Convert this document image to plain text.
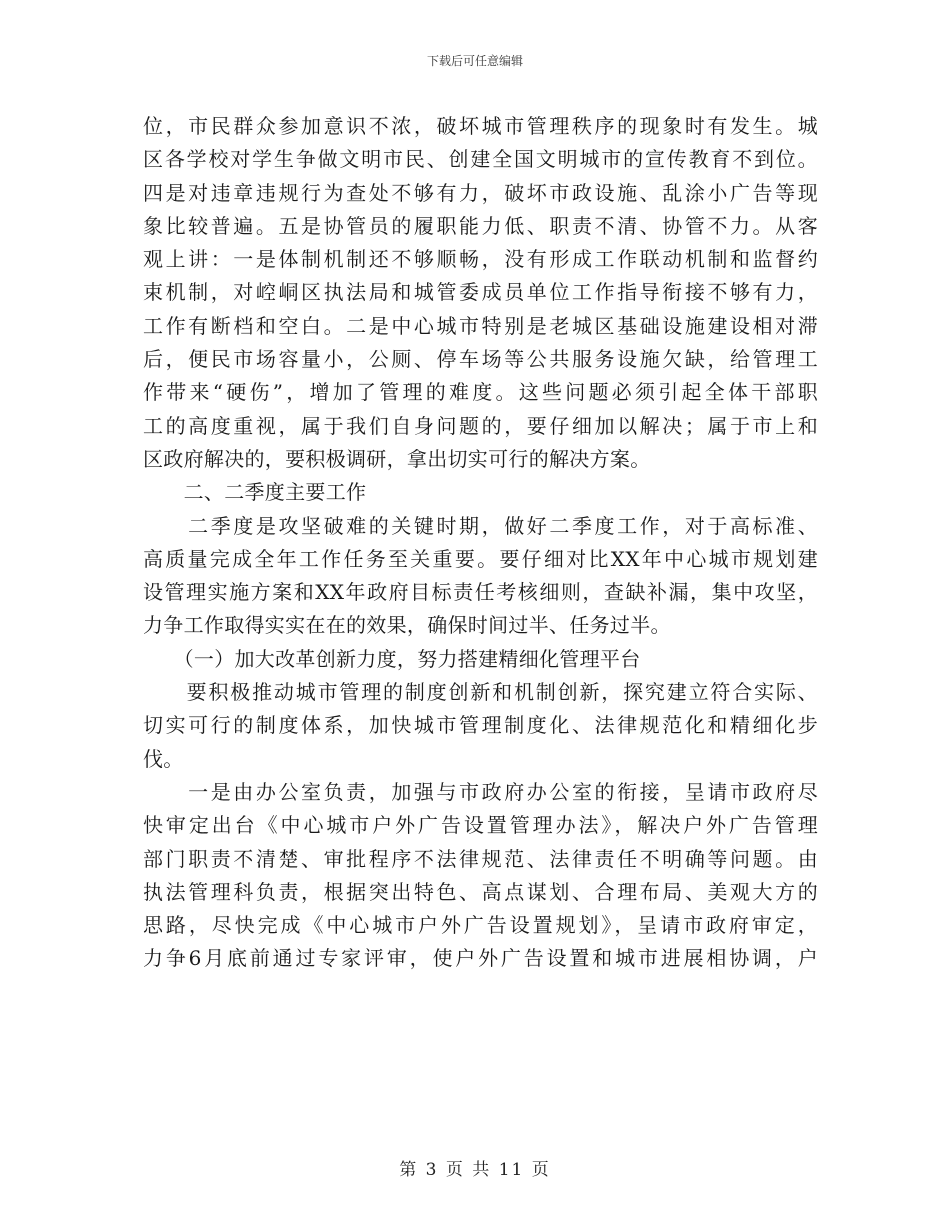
下载后可任意编辑
位，市民群众参加意识不浓，破坏城市管理秩序的现象时有发生。城
区各学校对学生争做文明市民、创建全国文明城市的宣传教育不到位。
四是对违章违规行为查处不够有力，破坏市政设施、乱涂小广告等现
象比较普遍。五是协管员的履职能力低、职责不清、协管不力。从客
观上讲：一是体制机制还不够顺畅，没有形成工作联动机制和监督约
束机制，对崆峒区执法局和城管委成员单位工作指导衔接不够有力，
工作有断档和空白。二是中心城市特别是老城区基础设施建设相对滞
后，便民市场容量小，公厕、停车场等公共服务设施欠缺，给管理工
作带来“硬伤”，增加了管理的难度。这些问题必须引起全体干部职
工的高度重视，属于我们自身问题的，要仔细加以解决；属于市上和
区政府解决的，要积极调研，拿出切实可行的解决方案。
　　二、二季度主要工作
　　二季度是攻坚破难的关键时期，做好二季度工作，对于高标准、
高质量完成全年工作任务至关重要。要仔细对比XX年中心城市规划建
设管理实施方案和XX年政府目标责任考核细则，查缺补漏，集中攻坚，
力争工作取得实实在在的效果，确保时间过半、任务过半。
　　（一）加大改革创新力度，努力搭建精细化管理平台
　　要积极推动城市管理的制度创新和机制创新，探究建立符合实际、
切实可行的制度体系，加快城市管理制度化、法律规范化和精细化步
伐。
　　一是由办公室负责，加强与市政府办公室的衔接，呈请市政府尽
快审定出台《中心城市户外广告设置管理办法》，解决户外广告管理
部门职责不清楚、审批程序不法律规范、法律责任不明确等问题。由
执法管理科负责，根据突出特色、高点谋划、合理布局、美观大方的
思路，尽快完成《中心城市户外广告设置规划》，呈请市政府审定，
力争6月底前通过专家评审，使户外广告设置和城市进展相协调，户
第 3 页 共 11 页
